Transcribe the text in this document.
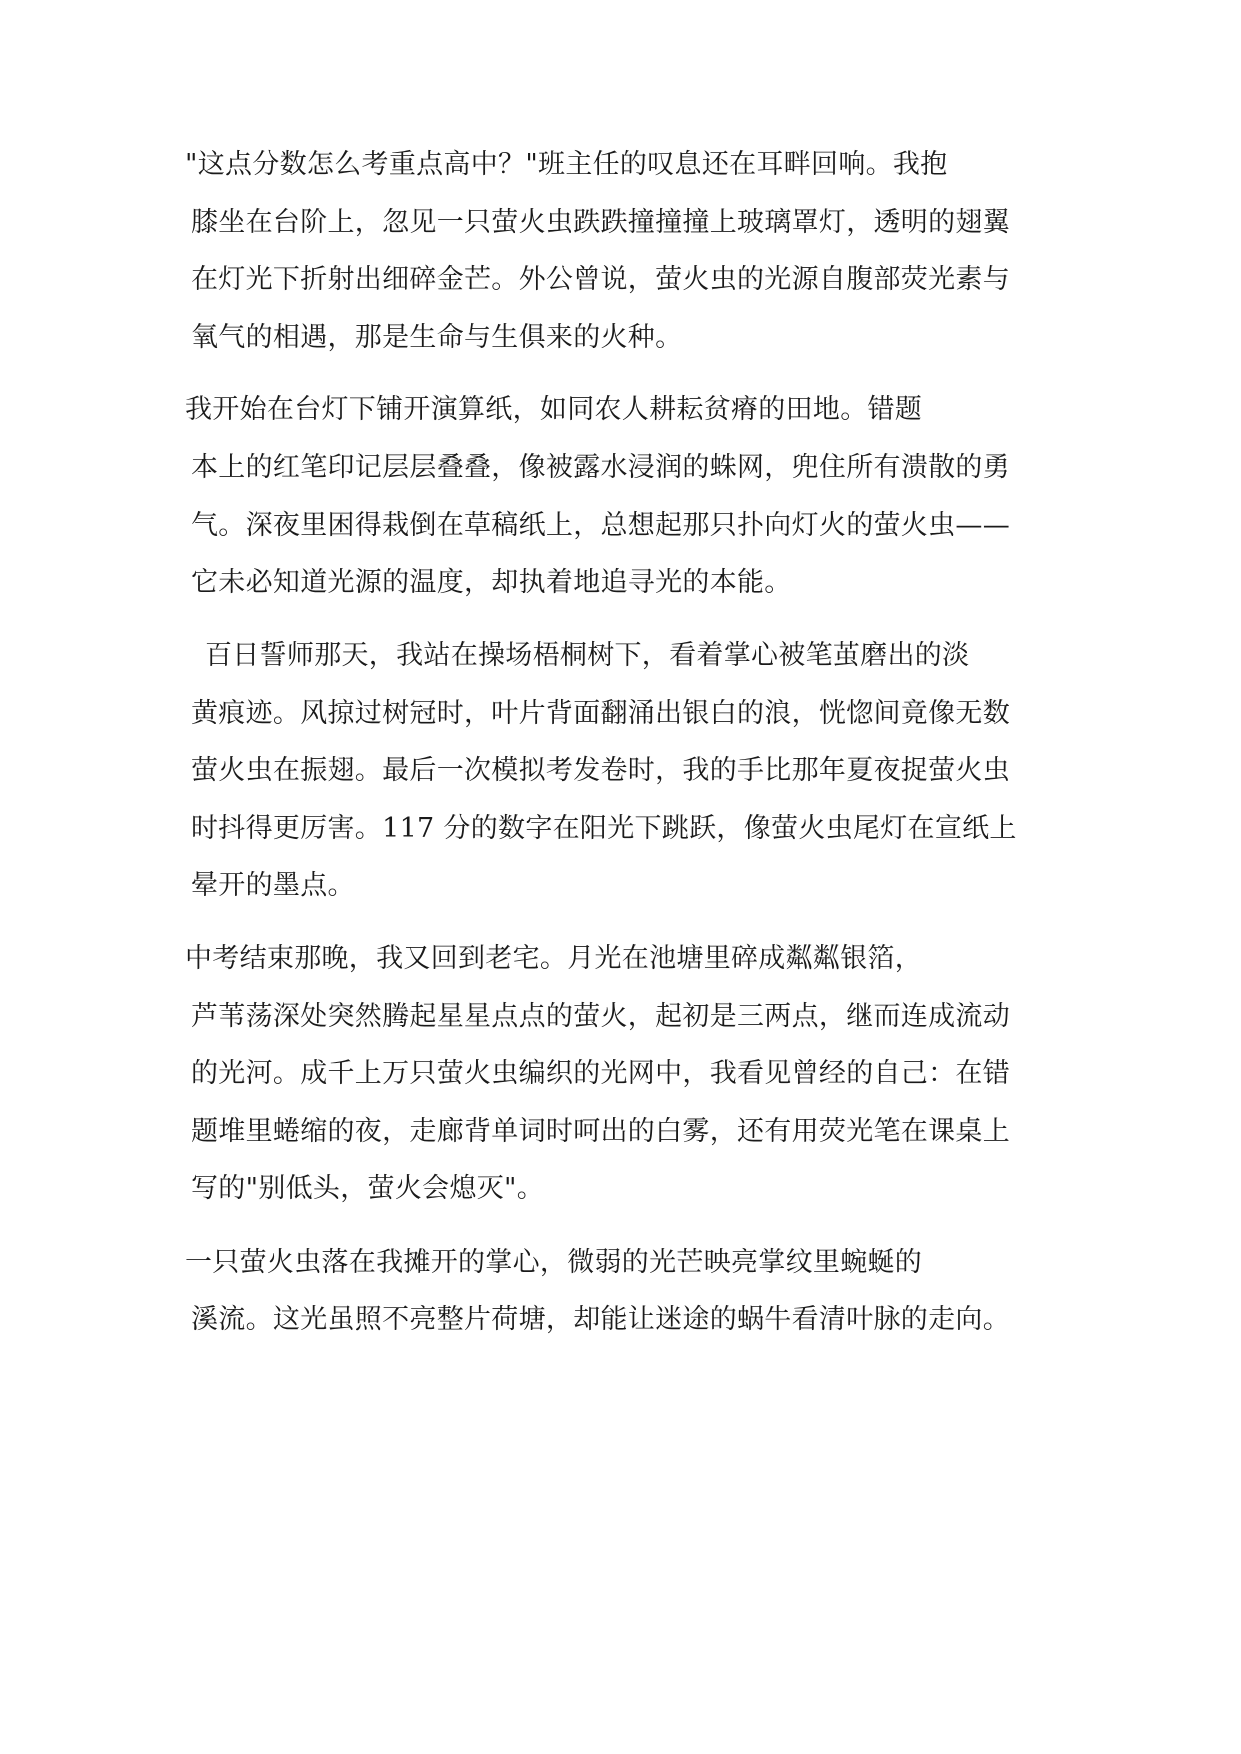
"这点分数怎么考重点高中？"班主任的叹息还在耳畔回响。我抱
膝坐在台阶上，忽见一只萤火虫跌跌撞撞撞上玻璃罩灯，透明的翅翼
在灯光下折射出细碎金芒。外公曾说，萤火虫的光源自腹部荧光素与
氧气的相遇，那是生命与生俱来的火种。
我开始在台灯下铺开演算纸，如同农人耕耘贫瘠的田地。错题
本上的红笔印记层层叠叠，像被露水浸润的蛛网，兜住所有溃散的勇
气。深夜里困得栽倒在草稿纸上，总想起那只扑向灯火的萤火虫——
它未必知道光源的温度，却执着地追寻光的本能。
百日誓师那天，我站在操场梧桐树下，看着掌心被笔茧磨出的淡
黄痕迹。风掠过树冠时，叶片背面翻涌出银白的浪，恍惚间竟像无数
萤火虫在振翅。最后一次模拟考发卷时，我的手比那年夏夜捉萤火虫
时抖得更厉害。117 分的数字在阳光下跳跃，像萤火虫尾灯在宣纸上
晕开的墨点。
中考结束那晚，我又回到老宅。月光在池塘里碎成粼粼银箔，
芦苇荡深处突然腾起星星点点的萤火，起初是三两点，继而连成流动
的光河。成千上万只萤火虫编织的光网中，我看见曾经的自己：在错
题堆里蜷缩的夜，走廊背单词时呵出的白雾，还有用荧光笔在课桌上
写的"别低头，萤火会熄灭"。
一只萤火虫落在我摊开的掌心，微弱的光芒映亮掌纹里蜿蜒的
溪流。这光虽照不亮整片荷塘，却能让迷途的蜗牛看清叶脉的走向。
